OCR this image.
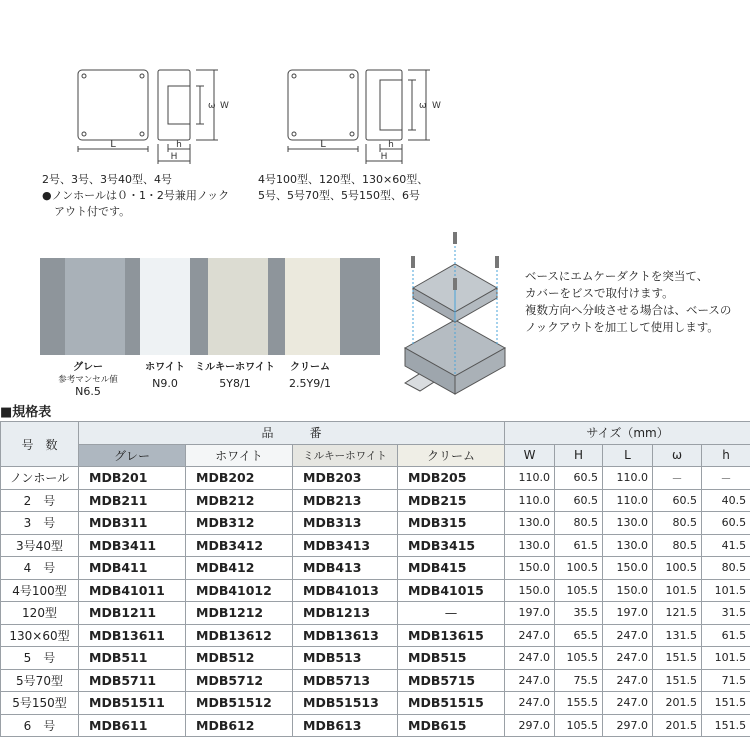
L	h
H
ω W
L	h
H
ω W
2号、3号、3号40型、4号
●ノンホールは０・1・2号兼用ノック
アウト付です。
4号100型、120型、130×60型、
5号、5号70型、5号150型、6号
グレー
参考マンセル値
N6.5
ホワイト
N9.0
ミルキーホワイト
5Y8/1
クリーム
2.5Y9/1
ベースにエムケーダクトを突当て、
カバーをビスで取付けます。
複数方向へ分岐させる場合は、ベースの
ノックアウトを加工して使用します。
■規格表
号　数	品　　　番				サイズ（mm）				
	グレー	ホワイト	ミルキーホワイト	クリーム	W	H	L	ω	h
ノンホール	MDB201	MDB202	MDB203	MDB205	110.0	60.5	110.0	－	－
2　号	MDB211	MDB212	MDB213	MDB215	110.0	60.5	110.0	60.5	40.5
3　号	MDB311	MDB312	MDB313	MDB315	130.0	80.5	130.0	80.5	60.5
3号40型	MDB3411	MDB3412	MDB3413	MDB3415	130.0	61.5	130.0	80.5	41.5
4　号	MDB411	MDB412	MDB413	MDB415	150.0	100.5	150.0	100.5	80.5
4号100型	MDB41011	MDB41012	MDB41013	MDB41015	150.0	105.5	150.0	101.5	101.5
120型	MDB1211	MDB1212	MDB1213	—	197.0	35.5	197.0	121.5	31.5
130×60型	MDB13611	MDB13612	MDB13613	MDB13615	247.0	65.5	247.0	131.5	61.5
5　号	MDB511	MDB512	MDB513	MDB515	247.0	105.5	247.0	151.5	101.5
5号70型	MDB5711	MDB5712	MDB5713	MDB5715	247.0	75.5	247.0	151.5	71.5
5号150型	MDB51511	MDB51512	MDB51513	MDB51515	247.0	155.5	247.0	201.5	151.5
6　号	MDB611	MDB612	MDB613	MDB615	297.0	105.5	297.0	201.5	151.5
